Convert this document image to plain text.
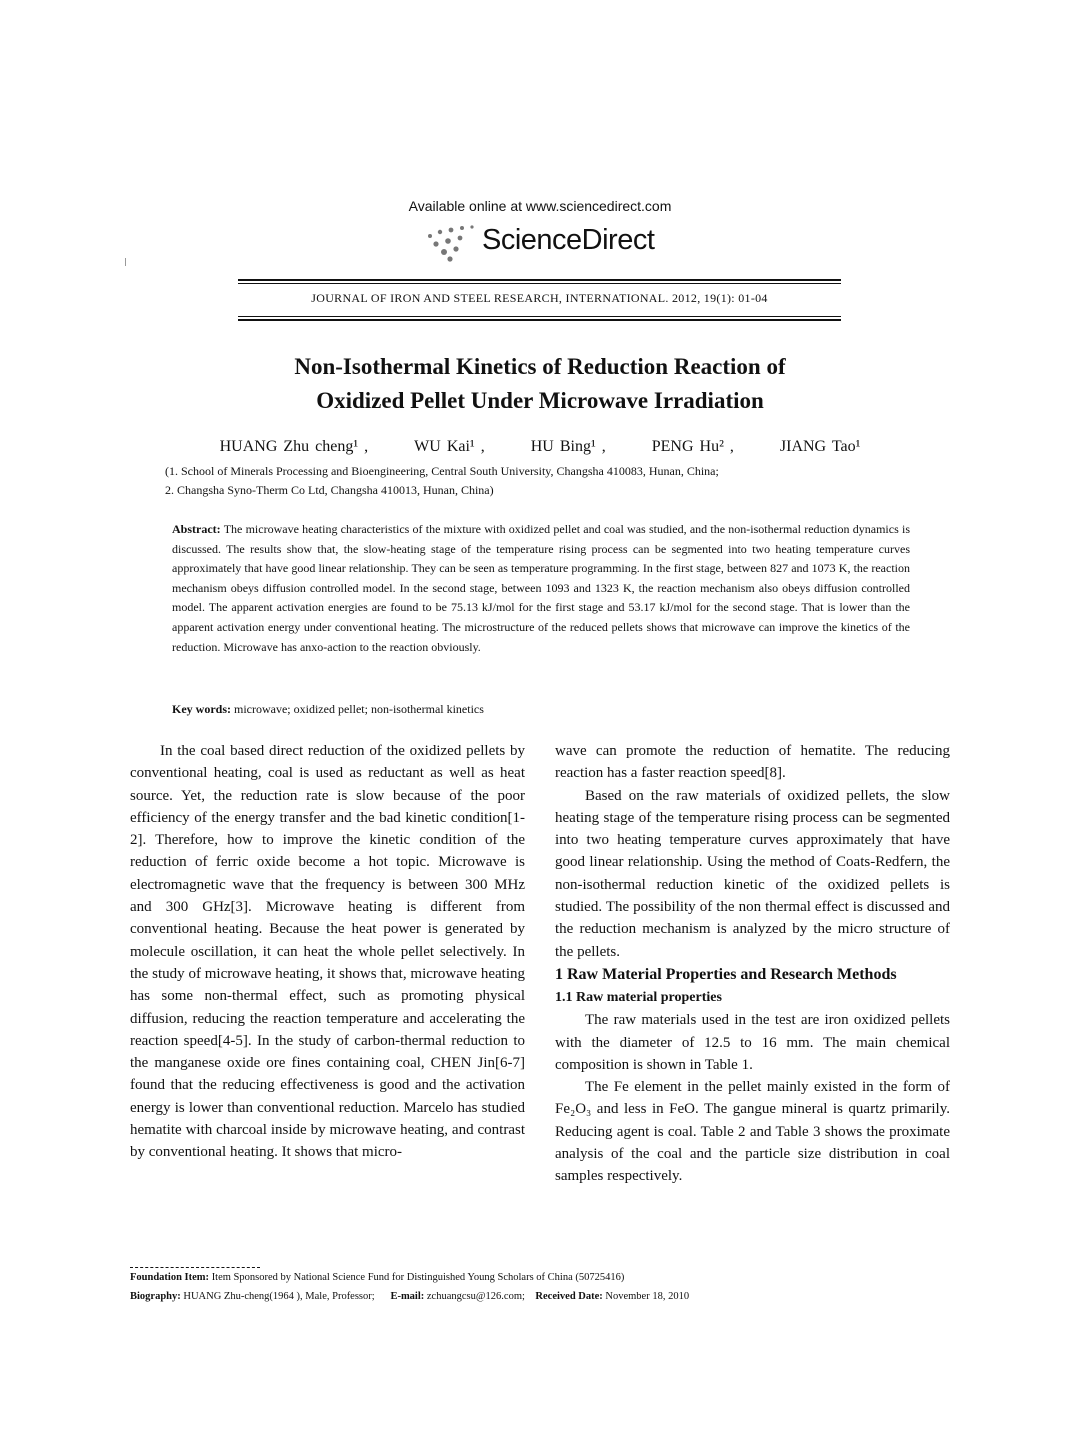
Available online at www.sciencedirect.com
ScienceDirect
JOURNAL OF IRON AND STEEL RESEARCH, INTERNATIONAL. 2012, 19(1): 01-04
Non-Isothermal Kinetics of Reduction Reaction of
Oxidized Pellet Under Microwave Irradiation
HUANG Zhu cheng¹ ,	WU Kai¹ ,	HU Bing¹ ,	PENG Hu² ,	JIANG Tao¹
(1. School of Minerals Processing and Bioengineering, Central South University, Changsha 410083, Hunan, China;
2. Changsha Syno-Therm Co Ltd, Changsha 410013, Hunan, China)
Abstract: The microwave heating characteristics of the mixture with oxidized pellet and coal was studied, and the non-isothermal reduction dynamics is discussed. The results show that, the slow-heating stage of the temperature rising process can be segmented into two heating temperature curves approximately that have good linear relationship. They can be seen as temperature programming. In the first stage, between 827 and 1073 K, the reaction mechanism obeys diffusion controlled model. In the second stage, between 1093 and 1323 K, the reaction mechanism also obeys diffusion controlled model. The apparent activation energies are found to be 75.13 kJ/mol for the first stage and 53.17 kJ/mol for the second stage. That is lower than the apparent activation energy under conventional heating. The microstructure of the reduced pellets shows that microwave can improve the kinetics of the reduction. Microwave has anxo-action to the reaction obviously.
Key words: microwave; oxidized pellet; non-isothermal kinetics

In the coal based direct reduction of the oxidized pellets by conventional heating, coal is used as reductant as well as heat source. Yet, the reduction rate is slow because of the poor efficiency of the energy transfer and the bad kinetic condition[1-2]. Therefore, how to improve the kinetic condition of the reduction of ferric oxide become a hot topic. Microwave is electromagnetic wave that the frequency is between 300 MHz and 300 GHz[3]. Microwave heating is different from conventional heating. Because the heat power is generated by molecule oscillation, it can heat the whole pellet selectively. In the study of microwave heating, it shows that, microwave heating has some non-thermal effect, such as promoting physical diffusion, reducing the reaction temperature and accelerating the reaction speed[4-5]. In the study of carbon-thermal reduction to the manganese oxide ore fines containing coal, CHEN Jin[6-7] found that the reducing effectiveness is good and the activation energy is lower than conventional reduction. Marcelo has studied hematite with charcoal inside by microwave heating, and contrast by conventional heating. It shows that micro-

wave can promote the reduction of hematite. The reducing reaction has a faster reaction speed[8].

Based on the raw materials of oxidized pellets, the slow heating stage of the temperature rising process can be segmented into two heating temperature curves approximately that have good linear relationship. Using the method of Coats-Redfern, the non-isothermal reduction kinetic of the oxidized pellets is studied. The possibility of the non thermal effect is discussed and the reduction mechanism is analyzed by the micro structure of the pellets.

1 Raw Material Properties and Research Methods

1.1 Raw material properties

The raw materials used in the test are iron oxidized pellets with the diameter of 12.5 to 16 mm. The main chemical composition is shown in Table 1.

The Fe element in the pellet mainly existed in the form of Fe₂O₃ and less in FeO. The gangue mineral is quartz primarily. Reducing agent is coal. Table 2 and Table 3 shows the proximate analysis of the coal and the particle size distribution in coal samples respectively.

Foundation Item: Item Sponsored by National Science Fund for Distinguished Young Scholars of China (50725416)
Biography: HUANG Zhu-cheng(1964 ), Male, Professor; E-mail: zchuangcsu@126.com; Received Date: November 18, 2010
